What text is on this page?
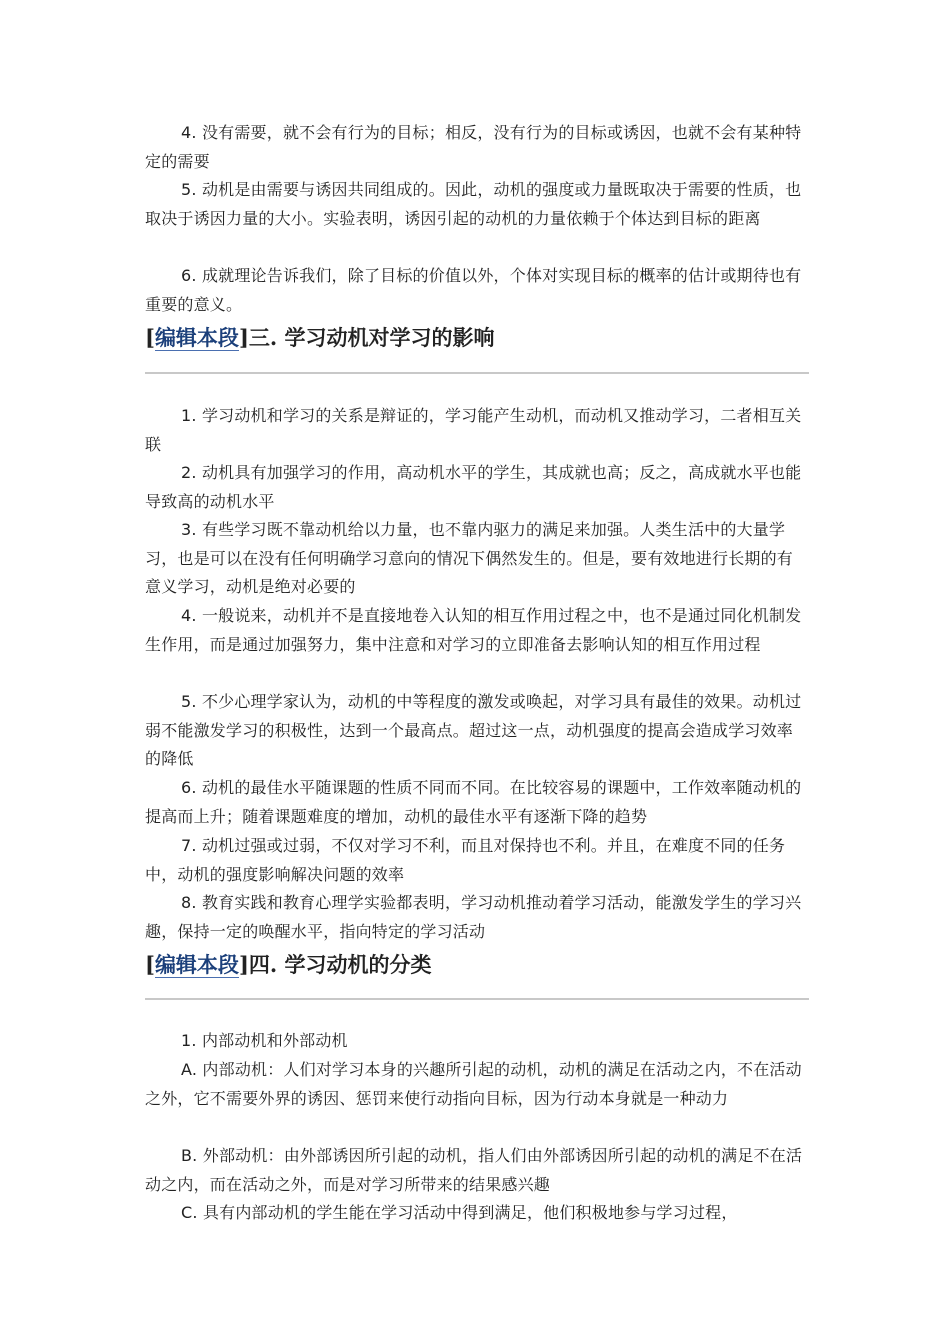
4. 没有需要，就不会有行为的目标；相反，没有行为的目标或诱因，也就不会有某种特定的需要

5. 动机是由需要与诱因共同组成的。因此，动机的强度或力量既取决于需要的性质，也取决于诱因力量的大小。实验表明，诱因引起的动机的力量依赖于个体达到目标的距离

6. 成就理论告诉我们，除了目标的价值以外，个体对实现目标的概率的估计或期待也有重要的意义。

[编辑本段]三. 学习动机对学习的影响

1. 学习动机和学习的关系是辩证的，学习能产生动机，而动机又推动学习，二者相互关联

2. 动机具有加强学习的作用，高动机水平的学生，其成就也高；反之，高成就水平也能导致高的动机水平

3. 有些学习既不靠动机给以力量，也不靠内驱力的满足来加强。人类生活中的大量学习，也是可以在没有任何明确学习意向的情况下偶然发生的。但是，要有效地进行长期的有意义学习，动机是绝对必要的

4. 一般说来，动机并不是直接地卷入认知的相互作用过程之中，也不是通过同化机制发生作用，而是通过加强努力，集中注意和对学习的立即准备去影响认知的相互作用过程

5. 不少心理学家认为，动机的中等程度的激发或唤起，对学习具有最佳的效果。动机过弱不能激发学习的积极性，达到一个最高点。超过这一点，动机强度的提高会造成学习效率的降低

6. 动机的最佳水平随课题的性质不同而不同。在比较容易的课题中，工作效率随动机的提高而上升；随着课题难度的增加，动机的最佳水平有逐渐下降的趋势

7. 动机过强或过弱，不仅对学习不利，而且对保持也不利。并且，在难度不同的任务中，动机的强度影响解决问题的效率

8. 教育实践和教育心理学实验都表明，学习动机推动着学习活动，能激发学生的学习兴趣，保持一定的唤醒水平，指向特定的学习活动

[编辑本段]四. 学习动机的分类

1. 内部动机和外部动机

A. 内部动机：人们对学习本身的兴趣所引起的动机，动机的满足在活动之内，不在活动之外，它不需要外界的诱因、惩罚来使行动指向目标，因为行动本身就是一种动力

B. 外部动机：由外部诱因所引起的动机，指人们由外部诱因所引起的动机的满足不在活动之内，而在活动之外，而是对学习所带来的结果感兴趣

C. 具有内部动机的学生能在学习活动中得到满足，他们积极地参与学习过程，
